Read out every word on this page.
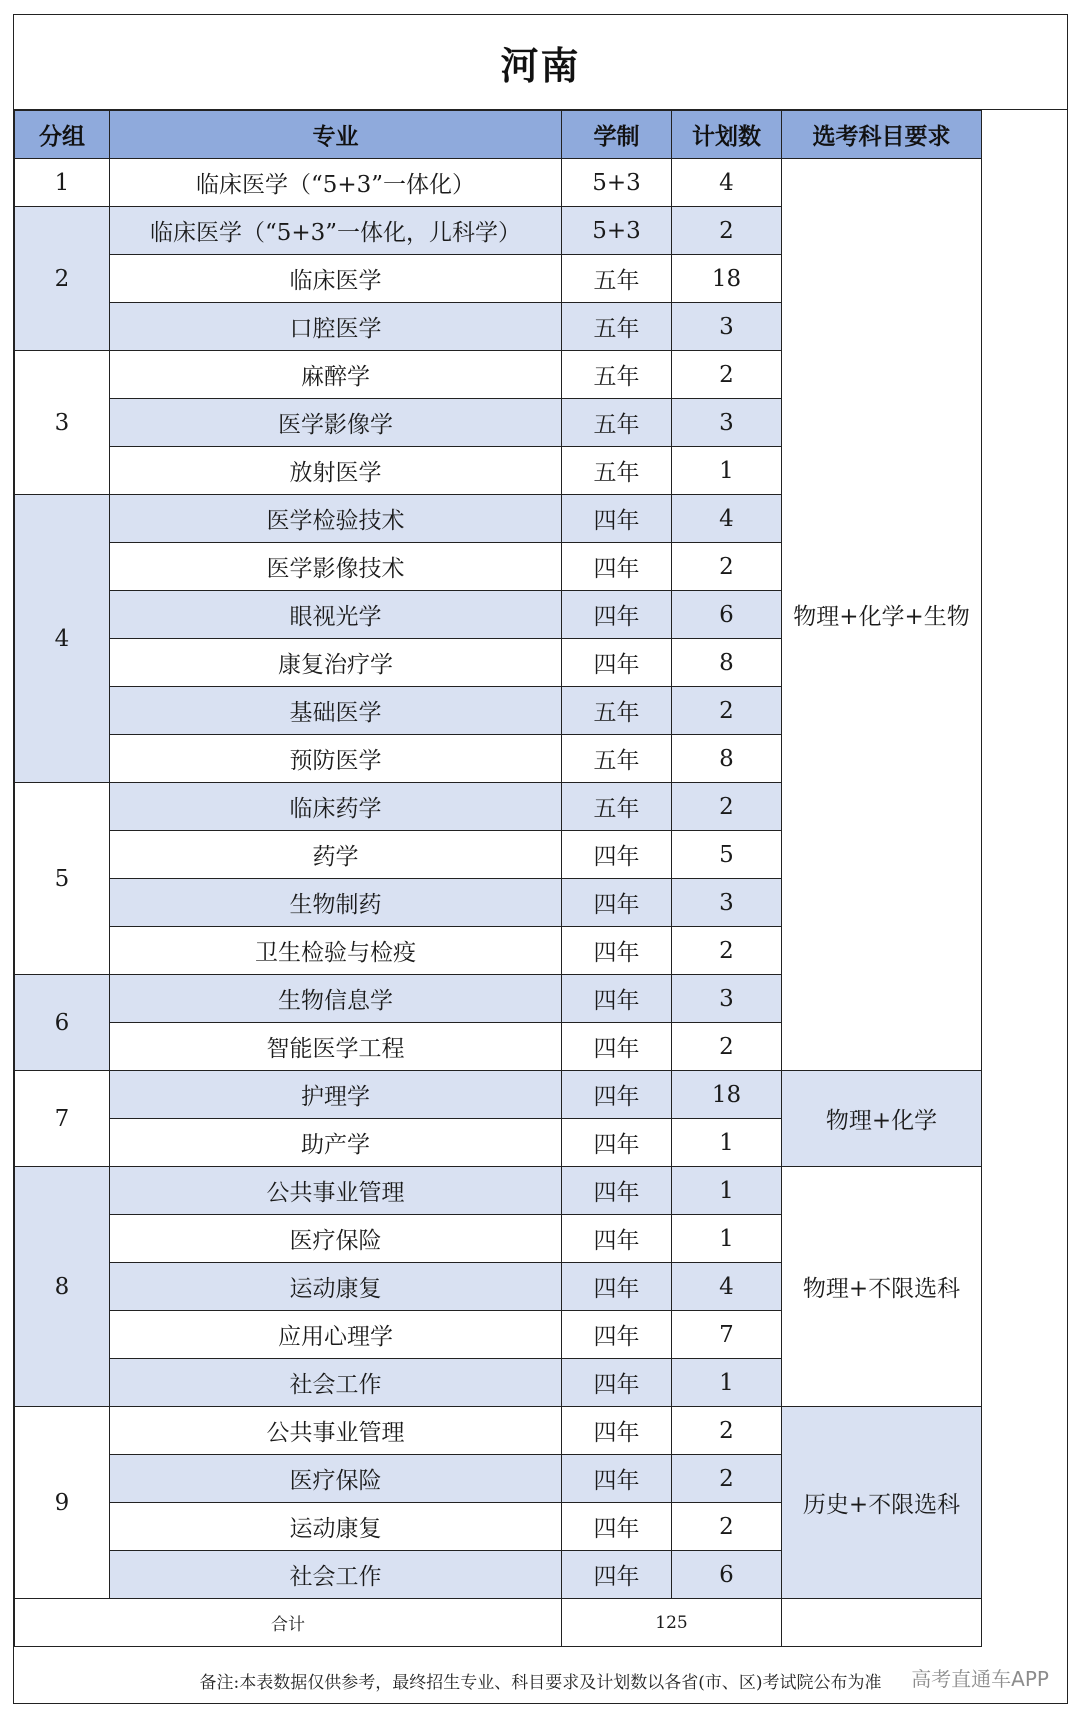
河南
分组	专业	学制	计划数	选考科目要求
1	临床医学（“5+3”一体化）	5+3	4	物理+化学+生物
2	临床医学（“5+3”一体化，儿科学）	5+3	2	
	临床医学	五年	18	
	口腔医学	五年	3	
3	麻醉学	五年	2	
	医学影像学	五年	3	
	放射医学	五年	1	
4	医学检验技术	四年	4	
	医学影像技术	四年	2	
	眼视光学	四年	6	
	康复治疗学	四年	8	
	基础医学	五年	2	
	预防医学	五年	8	
5	临床药学	五年	2	
	药学	四年	5	
	生物制药	四年	3	
	卫生检验与检疫	四年	2	
6	生物信息学	四年	3	
	智能医学工程	四年	2	
7	护理学	四年	18	物理+化学
	助产学	四年	1	
8	公共事业管理	四年	1	物理+不限选科
	医疗保险	四年	1	
	运动康复	四年	4	
	应用心理学	四年	7	
	社会工作	四年	1	
9	公共事业管理	四年	2	历史+不限选科
	医疗保险	四年	2	
	运动康复	四年	2	
	社会工作	四年	6	
合计		125		
备注:本表数据仅供参考，最终招生专业、科目要求及计划数以各省(市、区)考试院公布为准	高考直通车APP
